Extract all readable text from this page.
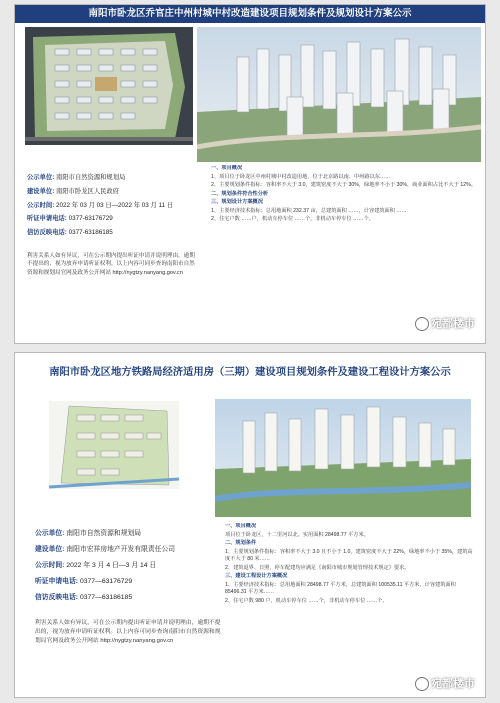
南阳市卧龙区乔官庄中州村城中村改造建设项目规划条件及规划设计方案公示
公示单位:
南阳市自然资源和规划局
建设单位:
南阳市卧龙区人民政府
公示时间:
2022 年 03 月 03 日—2022 年 03 月 11 日
听证申请电话:
0377-63176729
信访反映电话:
0377-63186185
利害关系人如有异议，可在公示期内提出听证申请并说明理由，逾期不提出的，视为放弃申请听证权利。以上内容可同步查询南阳市自然资源和规划局官网及政务公开网站 http://nygtzy.nanyang.gov.cn

一、项目概况

1、项目位于卧龙区中州村城中村改造用地，位于北京路以南、中州路以东……

2、主要规划条件指标：容积率不大于 3.0，建筑密度不大于 30%，绿地率不小于 30%，商业面积占比不大于 12%。

二、规划条件符合性分析

三、规划设计方案概况

1、主要经济技术指标：总用地面积 232.37 亩，总建筑面积 ……，计容建筑面积 ……

2、住宅户数 ……户，机动车停车位 ……个，非机动车停车位 ……个。

宛都楼市
南阳市卧龙区地方铁路局经济适用房（三期）建设项目规划条件及建设工程设计方案公示
公示单位:
南阳市自然资源和规划局
建设单位:
南阳市宏祥房地产开发有限责任公司
公示时间:
2022 年 3 月 4 日—3 月 14 日
听证申请电话:
0377—63176729
信访反映电话:
0377—63186185
利害关系人如有异议，可在公示期内提出听证申请并说明理由，逾期不提出的，视为放弃申请听证权利。以上内容可同步查询南阳市自然资源和规划局官网及政务公开网站 http://nygtzy.nanyang.gov.cn

一、项目概况

项目位于卧龙区，十二里河以北。实用面积 28498.77 平方米。

二、规划条件

1、主要规划条件指标：容积率不大于 3.0 且不小于 1.0，建筑密度不大于 22%，绿地率不小于 35%，建筑高度不大于 80 米……

2、建筑退界、日照、停车配建均应满足《南阳市城市规划管理技术规定》要求。

三、建设工程设计方案概况

1、主要经济技术指标：总用地面积 28498.77 平方米，总建筑面积 100535.11 平方米，计容建筑面积 85496.31 平方米……

2、住宅户数 980 户，机动车停车位 ……个，非机动车停车位 ……个。

宛都楼市
